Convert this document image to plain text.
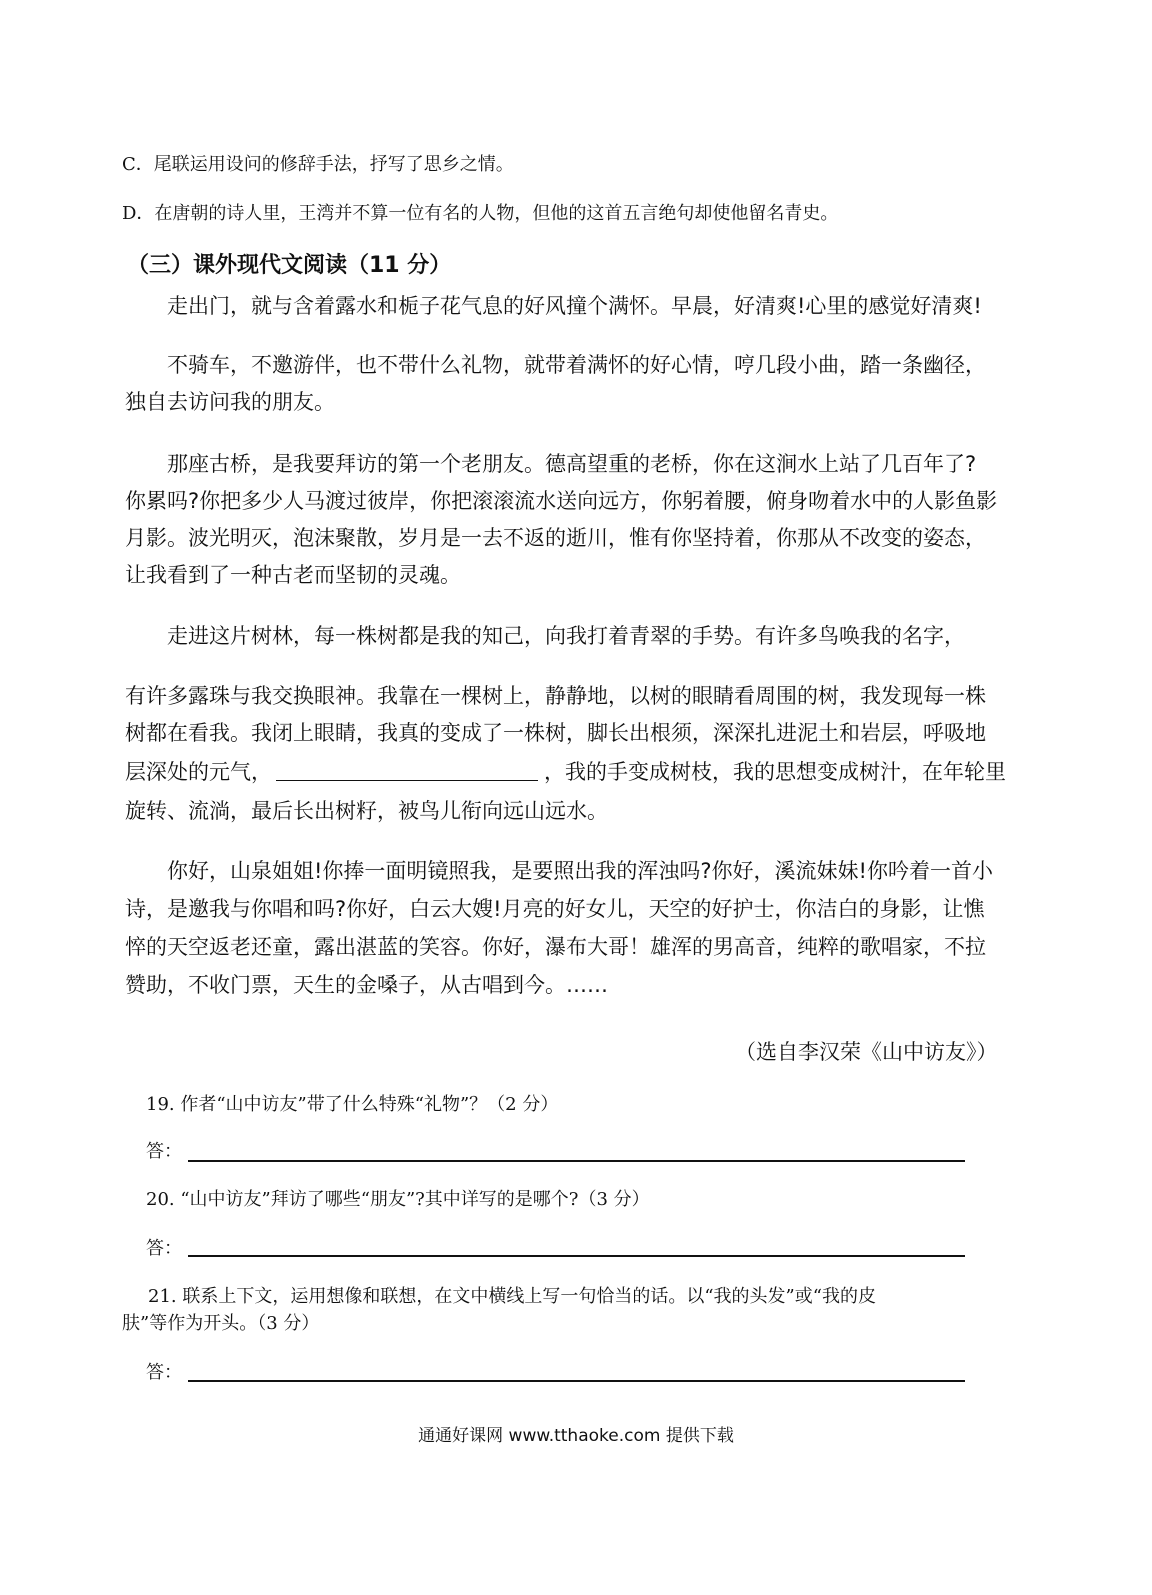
C．尾联运用设问的修辞手法，抒写了思乡之情。
D．在唐朝的诗人里，王湾并不算一位有名的人物，但他的这首五言绝句却使他留名青史。
（三）课外现代文阅读（11 分）
走出门，就与含着露水和栀子花气息的好风撞个满怀。早晨，好清爽!心里的感觉好清爽!
不骑车，不邀游伴，也不带什么礼物，就带着满怀的好心情，哼几段小曲，踏一条幽径，
独自去访问我的朋友。
那座古桥，是我要拜访的第一个老朋友。德高望重的老桥，你在这涧水上站了几百年了?
你累吗?你把多少人马渡过彼岸，你把滚滚流水送向远方，你躬着腰，俯身吻着水中的人影鱼影
月影。波光明灭，泡沫聚散，岁月是一去不返的逝川，惟有你坚持着，你那从不改变的姿态，
让我看到了一种古老而坚韧的灵魂。
走进这片树林，每一株树都是我的知己，向我打着青翠的手势。有许多鸟唤我的名字，
有许多露珠与我交换眼神。我靠在一棵树上，静静地，以树的眼睛看周围的树，我发现每一株
树都在看我。我闭上眼睛，我真的变成了一株树，脚长出根须，深深扎进泥土和岩层，呼吸地
层深处的元气，	，我的手变成树枝，我的思想变成树汁，在年轮里
旋转、流淌，最后长出树籽，被鸟儿衔向远山远水。
你好，山泉姐姐!你捧一面明镜照我，是要照出我的浑浊吗?你好，溪流妹妹!你吟着一首小
诗，是邀我与你唱和吗?你好，白云大嫂!月亮的好女儿，天空的好护士，你洁白的身影，让憔
悴的天空返老还童，露出湛蓝的笑容。你好，瀑布大哥！雄浑的男高音，纯粹的歌唱家，不拉
赞助，不收门票，天生的金嗓子，从古唱到今。……
（选自李汉荣《山中访友》）
19. 作者“山中访友”带了什么特殊“礼物”？（2 分）
答：
20. “山中访友”拜访了哪些“朋友”?其中详写的是哪个?（3 分）
答：
21. 联系上下文，运用想像和联想，在文中横线上写一句恰当的话。以“我的头发”或“我的皮
肤”等作为开头。（3 分）
答：
通通好课网 www.tthaoke.com 提供下载
